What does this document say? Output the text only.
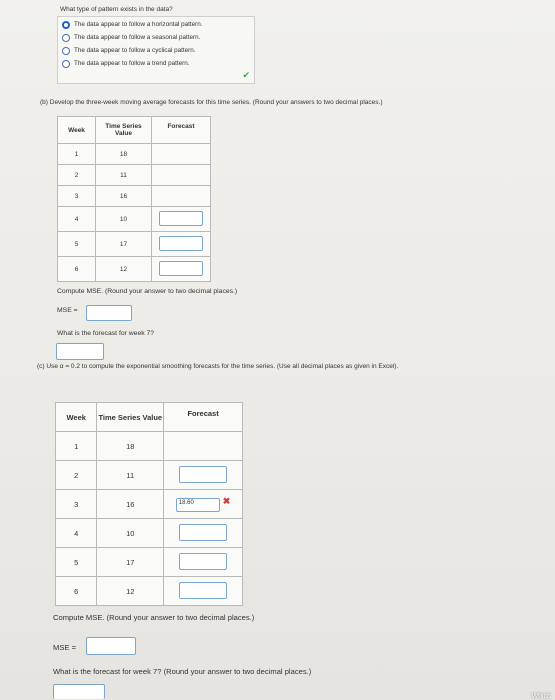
What type of pattern exists in the data?
The data appear to follow a horizontal pattern.
The data appear to follow a seasonal pattern.
The data appear to follow a cyclical pattern.
The data appear to follow a trend pattern.
✔
(b) Develop the three-week moving average forecasts for this time series. (Round your answers to two decimal places.)
Week	Time Series Value	Forecast
1	18	
2	11	
3	16	
4	10	
5	17	
6	12	
Compute MSE. (Round your answer to two decimal places.)
MSE =
What is the forecast for week 7?
(c) Use α = 0.2 to compute the exponential smoothing forecasts for the time series. (Use all decimal places as given in Excel).
Week	Time Series Value	Forecast
1	18	
2	11	
3	16	18.60 ✖
4	10	
5	17	
6	12	
Compute MSE. (Round your answer to two decimal places.)
MSE =
What is the forecast for week 7? (Round your answer to two decimal places.)
Which
